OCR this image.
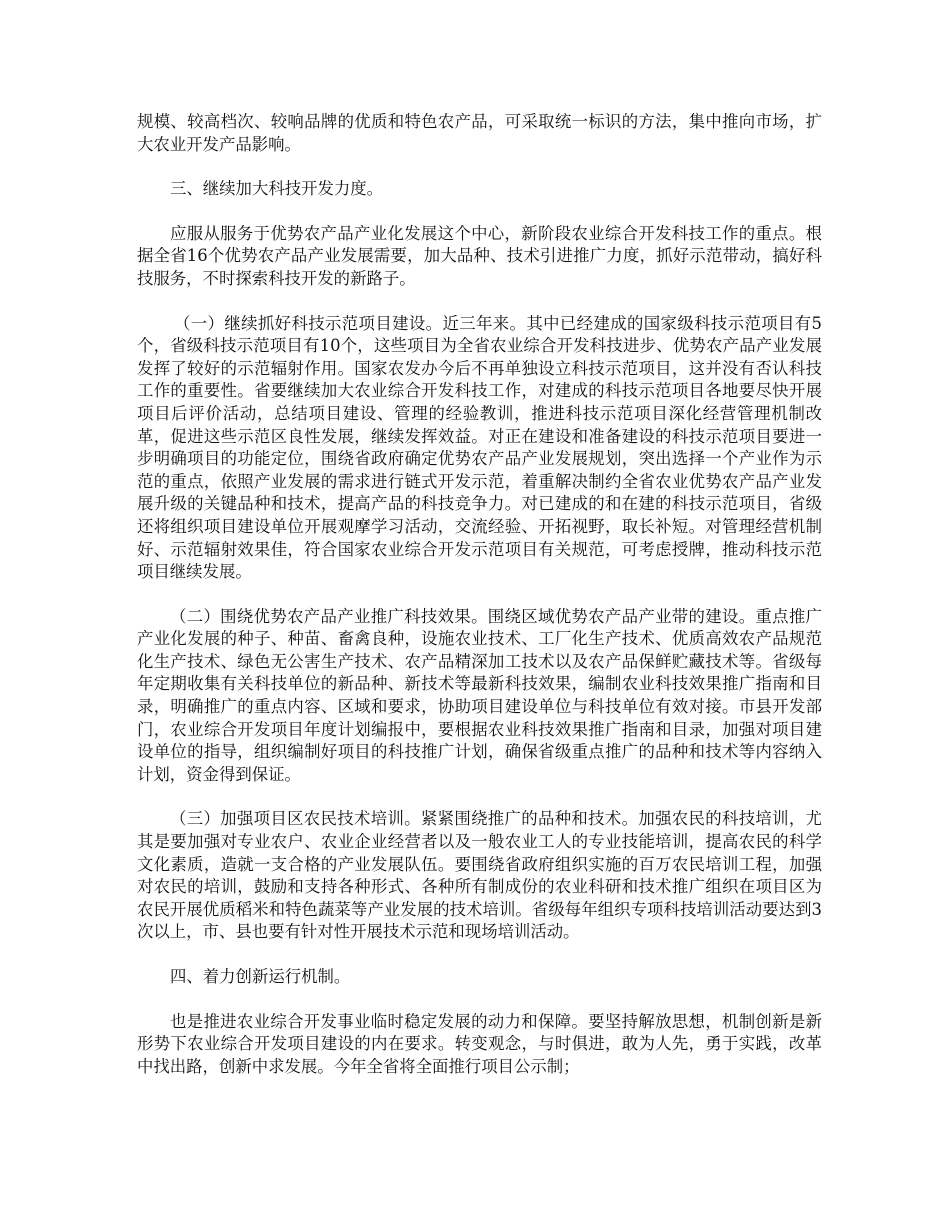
规模、较高档次、较响品牌的优质和特色农产品，可采取统一标识的方法，集中推向市场，扩大农业开发产品影响。

三、继续加大科技开发力度。

应服从服务于优势农产品产业化发展这个中心，新阶段农业综合开发科技工作的重点。根据全省16个优势农产品产业发展需要，加大品种、技术引进推广力度，抓好示范带动，搞好科技服务，不时探索科技开发的新路子。

（一）继续抓好科技示范项目建设。近三年来。其中已经建成的国家级科技示范项目有5个，省级科技示范项目有10个，这些项目为全省农业综合开发科技进步、优势农产品产业发展发挥了较好的示范辐射作用。国家农发办今后不再单独设立科技示范项目，这并没有否认科技工作的重要性。省要继续加大农业综合开发科技工作，对建成的科技示范项目各地要尽快开展项目后评价活动，总结项目建设、管理的经验教训，推进科技示范项目深化经营管理机制改革，促进这些示范区良性发展，继续发挥效益。对正在建设和准备建设的科技示范项目要进一步明确项目的功能定位，围绕省政府确定优势农产品产业发展规划，突出选择一个产业作为示范的重点，依照产业发展的需求进行链式开发示范，着重解决制约全省农业优势农产品产业发展升级的关键品种和技术，提高产品的科技竞争力。对已建成的和在建的科技示范项目，省级还将组织项目建设单位开展观摩学习活动，交流经验、开拓视野，取长补短。对管理经营机制好、示范辐射效果佳，符合国家农业综合开发示范项目有关规范，可考虑授牌，推动科技示范项目继续发展。

（二）围绕优势农产品产业推广科技效果。围绕区域优势农产品产业带的建设。重点推广产业化发展的种子、种苗、畜禽良种，设施农业技术、工厂化生产技术、优质高效农产品规范化生产技术、绿色无公害生产技术、农产品精深加工技术以及农产品保鲜贮藏技术等。省级每年定期收集有关科技单位的新品种、新技术等最新科技效果，编制农业科技效果推广指南和目录，明确推广的重点内容、区域和要求，协助项目建设单位与科技单位有效对接。市县开发部门，农业综合开发项目年度计划编报中，要根据农业科技效果推广指南和目录，加强对项目建设单位的指导，组织编制好项目的科技推广计划，确保省级重点推广的品种和技术等内容纳入计划，资金得到保证。

（三）加强项目区农民技术培训。紧紧围绕推广的品种和技术。加强农民的科技培训，尤其是要加强对专业农户、农业企业经营者以及一般农业工人的专业技能培训，提高农民的科学文化素质，造就一支合格的产业发展队伍。要围绕省政府组织实施的百万农民培训工程，加强对农民的培训，鼓励和支持各种形式、各种所有制成份的农业科研和技术推广组织在项目区为农民开展优质稻米和特色蔬菜等产业发展的技术培训。省级每年组织专项科技培训活动要达到3次以上，市、县也要有针对性开展技术示范和现场培训活动。

四、着力创新运行机制。

也是推进农业综合开发事业临时稳定发展的动力和保障。要坚持解放思想，机制创新是新形势下农业综合开发项目建设的内在要求。转变观念，与时俱进，敢为人先，勇于实践，改革中找出路，创新中求发展。今年全省将全面推行项目公示制；
